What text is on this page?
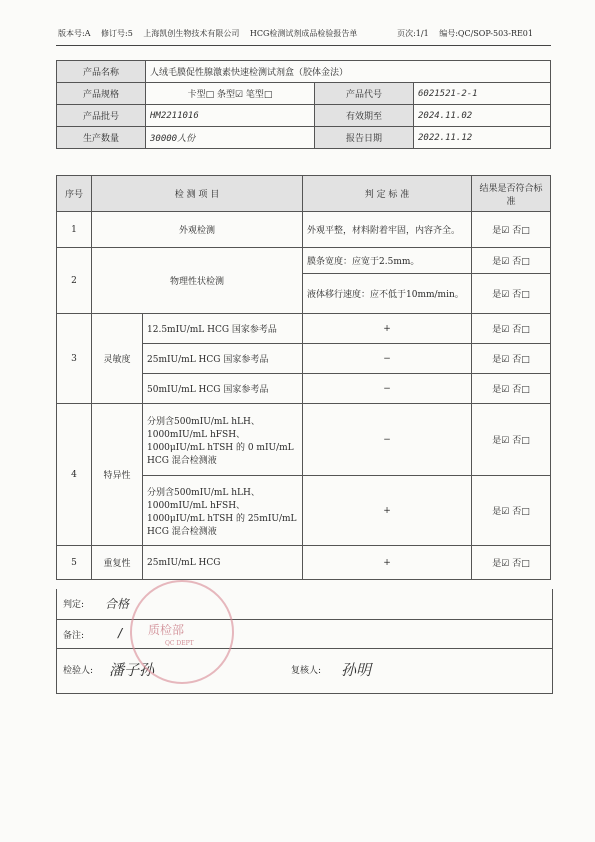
版本号:A 修订号:5 上海凯创生物技术有限公司 HCG检测试剂成品检验报告单	页次:1/1 编号:QC/SOP-503-RE01
产品名称	人绒毛膜促性腺激素快速检测试剂盒（胶体金法）		
产品规格	卡型□ 条型☑ 笔型□	产品代号	6021521-2-1
产品批号	HM2211016	有效期至	2024.11.02
生产数量	30000人份	报告日期	2022.11.12
序号	检 测 项 目		判 定 标 准	结果是否符合标准
1	外观检测		外观平整，材料附着牢固，内容齐全。	是☑ 否□
2	物理性状检测		膜条宽度：应宽于2.5mm。	是☑ 否□
			液体移行速度：应不低于10mm/min。	是☑ 否□
3	灵敏度	12.5mIU/mL HCG 国家参考品	+	是☑ 否□
		25mIU/mL HCG 国家参考品	−	是☑ 否□
		50mIU/mL HCG 国家参考品	−	是☑ 否□
4	特异性	分别含500mIU/mL hLH、1000mIU/mL hFSH、1000μIU/mL hTSH 的 0 mIU/mL HCG 混合检测液	−	是☑ 否□
		分别含500mIU/mL hLH、1000mIU/mL hFSH、1000μIU/mL hTSH 的 25mIU/mL HCG 混合检测液	+	是☑ 否□
5	重复性	25mIU/mL HCG	+	是☑ 否□
判定: 合格
备注:	/
检验人: 潘子孙	复核人: 孙明
质检部
QC DEPT
